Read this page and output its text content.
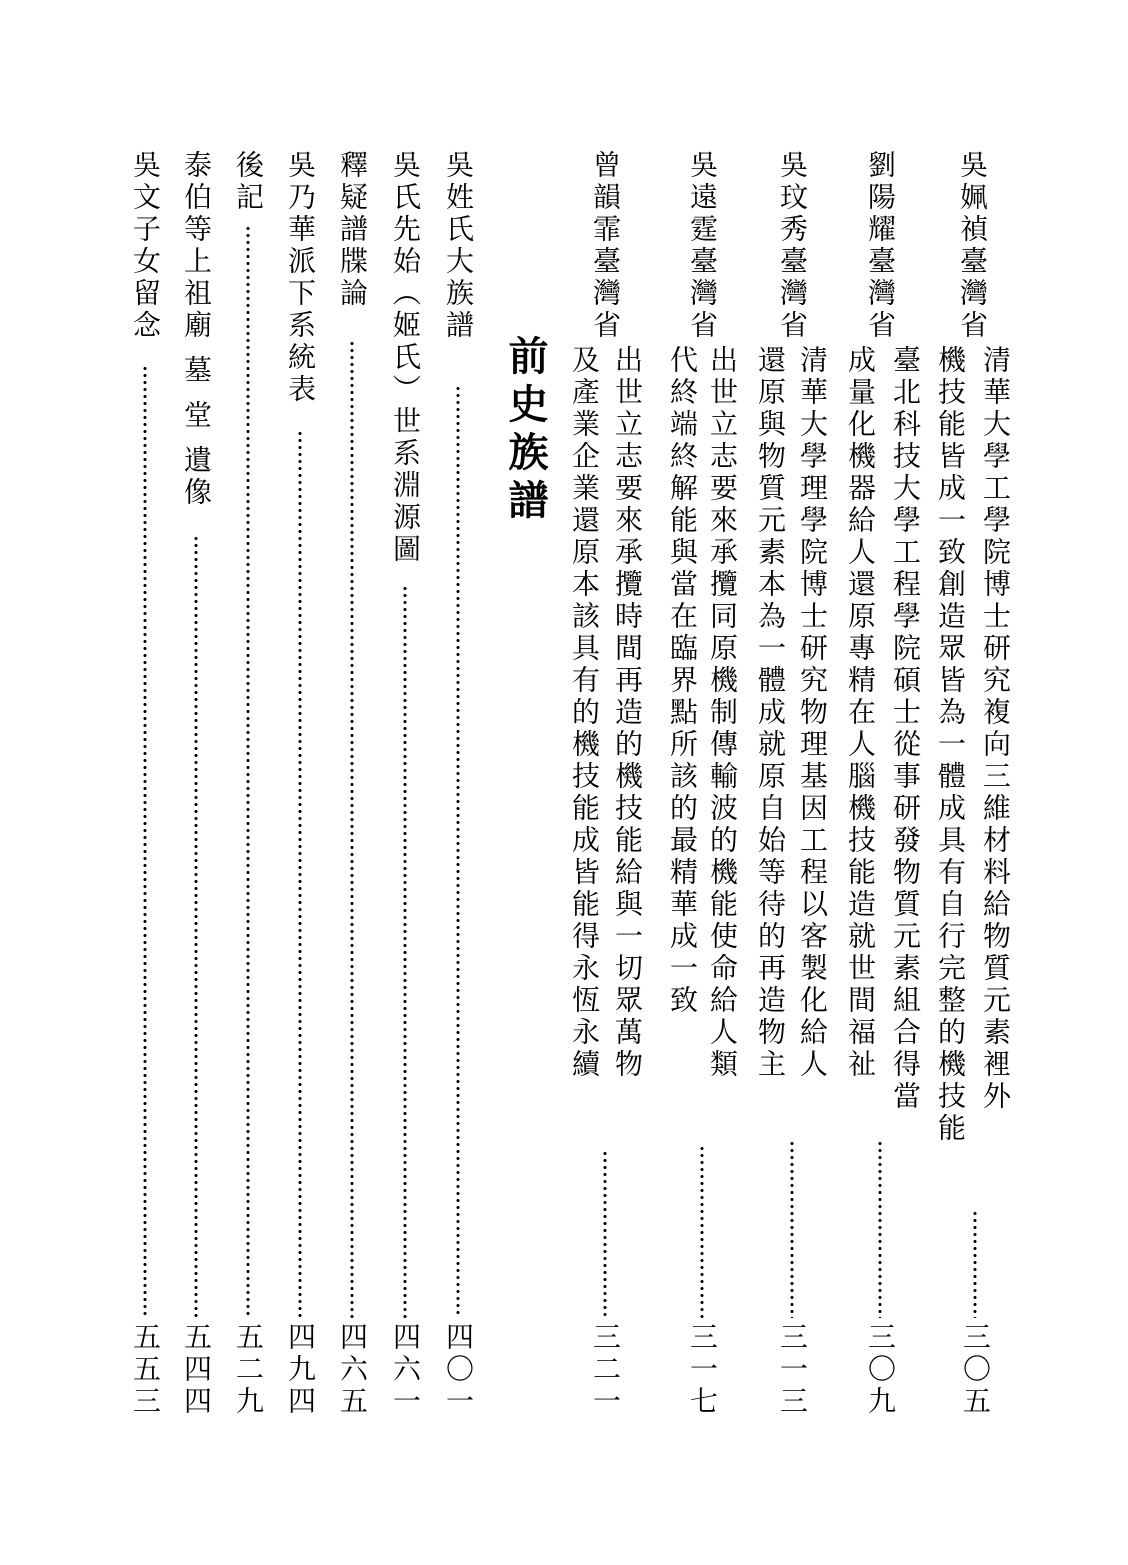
吳姵禎臺灣省
清華大學工學院博士研究複向三維材料給物質元素裡外
機技能皆成一致創造眾皆為一體成具有自行完整的機技能
三〇五
劉陽耀臺灣省
臺北科技大學工程學院碩士從事研發物質元素組合得當
成量化機器給人還原專精在人腦機技能造就世間福祉
三〇九
吳玟秀臺灣省
清華大學理學院博士研究物理基因工程以客製化給人
還原與物質元素本為一體成就原自始等待的再造物主
三一三
吳遠霆臺灣省
出世立志要來承攬同原機制傳輸波的機能使命給人類
代終端終解能與當在臨界點所該的最精華成一致
三一七
曾韻霏臺灣省
出世立志要來承攬時間再造的機技能給與一切眾萬物
及產業企業還原本該具有的機技能成皆能得永恆永續
三二一
前史族譜
吳姓氏大族譜
四〇一
吳氏先始（姬氏）世系淵源圖
四六一
釋疑譜牒論
四六五
吳乃華派下系統表
四九四
後記
五二九
泰伯等上祖廟 墓 堂 遺像
五四四
吳文子女留念
五五三
